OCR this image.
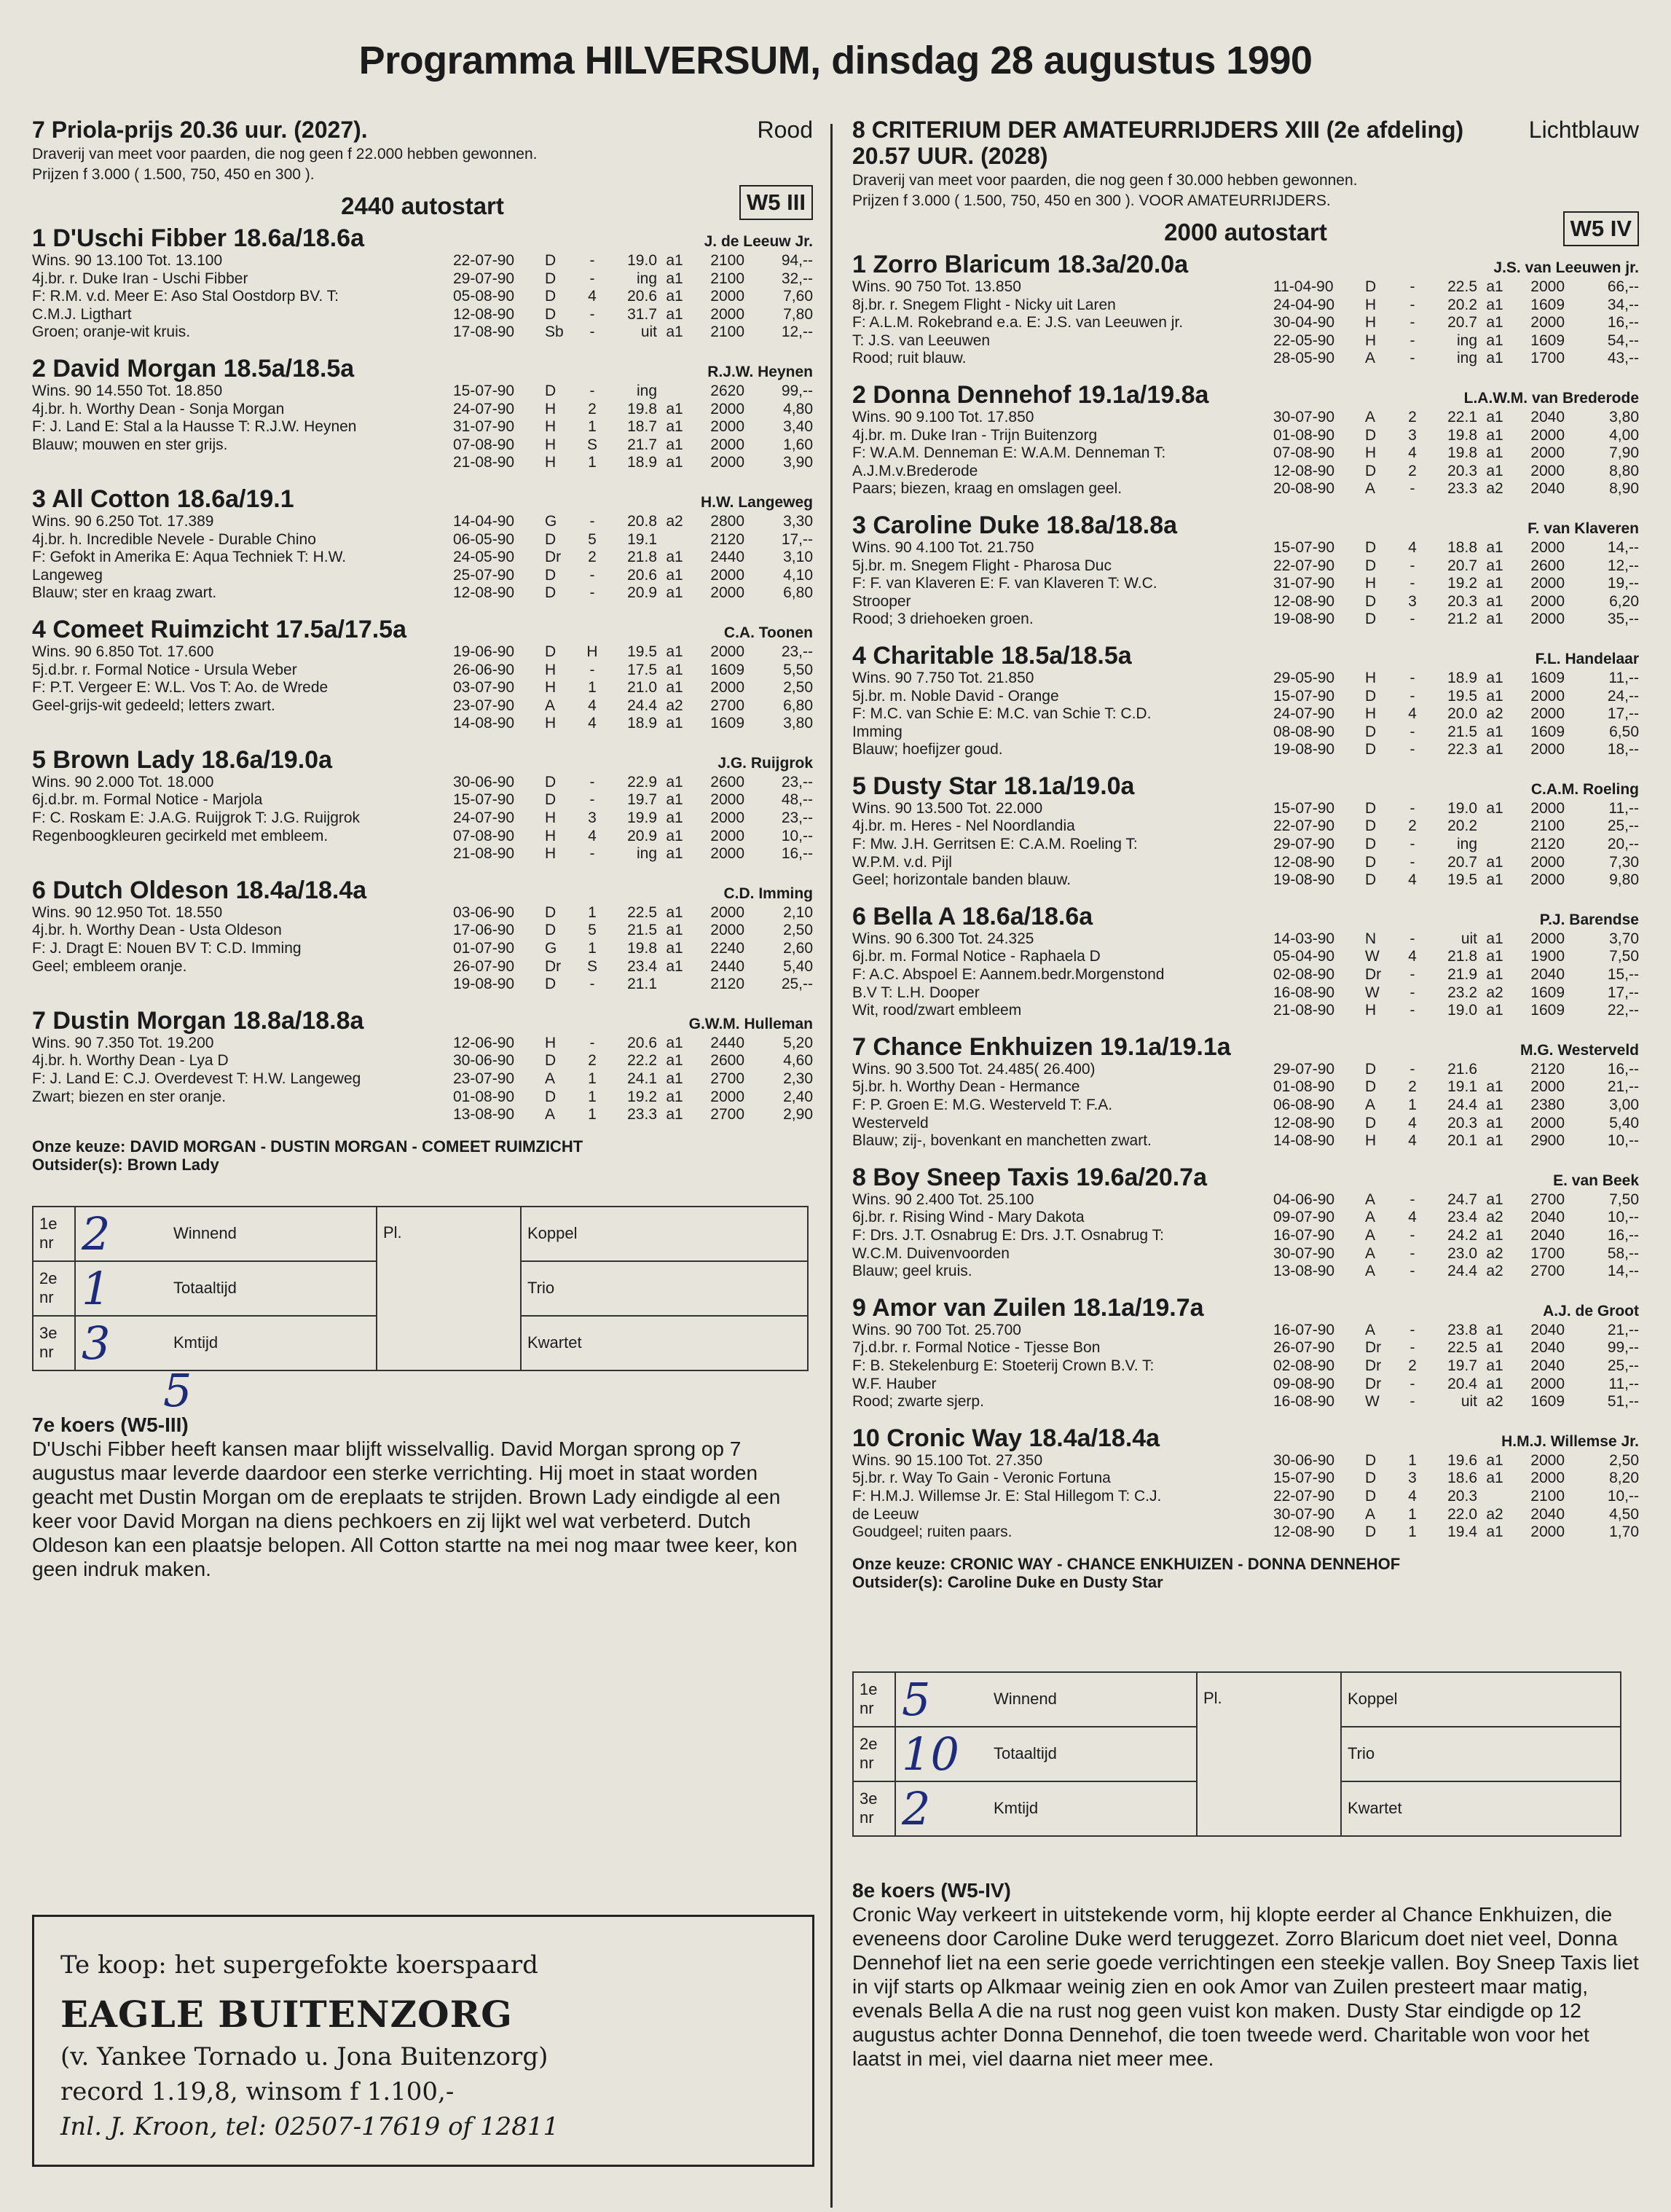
Programma HILVERSUM, dinsdag 28 augustus 1990
7 Priola-prijs 20.36 uur. (2027).	Rood
Draverij van meet voor paarden, die nog geen f 22.000 hebben gewonnen.
Prijzen f 3.000 ( 1.500, 750, 450 en 300 ).
2440 autostart	W5 III
1 D'Uschi Fibber 18.6a/18.6a	J. de Leeuw Jr.
Wins. 90 13.100 Tot. 13.100
4j.br. r. Duke Iran - Uschi Fibber
F: R.M. v.d. Meer E: Aso Stal Oostdorp BV. T:
C.M.J. Ligthart
Groen; oranje-wit kruis.
22-07-90	D	-	19.0 a1	2100	94,--
29-07-90	D	-	ing a1	2100	32,--
05-08-90	D	4	20.6 a1	2000	7,60
12-08-90	D	-	31.7 a1	2000	7,80
17-08-90	Sb	-	uit a1	2100	12,--
2 David Morgan 18.5a/18.5a	R.J.W. Heynen
Wins. 90 14.550 Tot. 18.850
4j.br. h. Worthy Dean - Sonja Morgan
F: J. Land E: Stal a la Hausse T: R.J.W. Heynen
Blauw; mouwen en ster grijs.
15-07-90	D	-	ing	2620	99,--
24-07-90	H	2	19.8 a1	2000	4,80
31-07-90	H	1	18.7 a1	2000	3,40
07-08-90	H	S	21.7 a1	2000	1,60
21-08-90	H	1	18.9 a1	2000	3,90
3 All Cotton 18.6a/19.1	H.W. Langeweg
Wins. 90 6.250 Tot. 17.389
4j.br. h. Incredible Nevele - Durable Chino
F: Gefokt in Amerika E: Aqua Techniek T: H.W.
Langeweg
Blauw; ster en kraag zwart.
14-04-90	G	-	20.8 a2	2800	3,30
06-05-90	D	5	19.1	2120	17,--
24-05-90	Dr	2	21.8 a1	2440	3,10
25-07-90	D	-	20.6 a1	2000	4,10
12-08-90	D	-	20.9 a1	2000	6,80
4 Comeet Ruimzicht 17.5a/17.5a	C.A. Toonen
Wins. 90 6.850 Tot. 17.600
5j.d.br. r. Formal Notice - Ursula Weber
F: P.T. Vergeer E: W.L. Vos T: Ao. de Wrede
Geel-grijs-wit gedeeld; letters zwart.
19-06-90	D	H	19.5 a1	2000	23,--
26-06-90	H	-	17.5 a1	1609	5,50
03-07-90	H	1	21.0 a1	2000	2,50
23-07-90	A	4	24.4 a2	2700	6,80
14-08-90	H	4	18.9 a1	1609	3,80
5 Brown Lady 18.6a/19.0a	J.G. Ruijgrok
Wins. 90 2.000 Tot. 18.000
6j.d.br. m. Formal Notice - Marjola
F: C. Roskam E: J.A.G. Ruijgrok T: J.G. Ruijgrok
Regenboogkleuren gecirkeld met embleem.
30-06-90	D	-	22.9 a1	2600	23,--
15-07-90	D	-	19.7 a1	2000	48,--
24-07-90	H	3	19.9 a1	2000	23,--
07-08-90	H	4	20.9 a1	2000	10,--
21-08-90	H	-	ing a1	2000	16,--
6 Dutch Oldeson 18.4a/18.4a	C.D. Imming
Wins. 90 12.950 Tot. 18.550
4j.br. h. Worthy Dean - Usta Oldeson
F: J. Dragt E: Nouen BV T: C.D. Imming
Geel; embleem oranje.
03-06-90	D	1	22.5 a1	2000	2,10
17-06-90	D	5	21.5 a1	2000	2,50
01-07-90	G	1	19.8 a1	2240	2,60
26-07-90	Dr	S	23.4 a1	2440	5,40
19-08-90	D	-	21.1	2120	25,--
7 Dustin Morgan 18.8a/18.8a	G.W.M. Hulleman
Wins. 90 7.350 Tot. 19.200
4j.br. h. Worthy Dean - Lya D
F: J. Land E: C.J. Overdevest T: H.W. Langeweg
Zwart; biezen en ster oranje.
12-06-90	H	-	20.6 a1	2440	5,20
30-06-90	D	2	22.2 a1	2600	4,60
23-07-90	A	1	24.1 a1	2700	2,30
01-08-90	D	1	19.2 a1	2000	2,40
13-08-90	A	1	23.3 a1	2700	2,90
Onze keuze: DAVID MORGAN - DUSTIN MORGAN - COMEET RUIMZICHT
Outsider(s): Brown Lady
1e nr	2	Winnend	Pl.	Koppel
2e nr	1	Totaaltijd		Trio
3e nr	3	Kmtijd		Kwartet
5
7e koers (W5-III)
D'Uschi Fibber heeft kansen maar blijft wisselvallig. David Morgan sprong op 7 augustus maar leverde daardoor een sterke verrichting. Hij moet in staat worden geacht met Dustin Morgan om de ereplaats te strijden. Brown Lady eindigde al een keer voor David Morgan na diens pechkoers en zij lijkt wel wat verbeterd. Dutch Oldeson kan een plaatsje belopen. All Cotton startte na mei nog maar twee keer, kon geen indruk maken.
8 CRITERIUM DER AMATEURRIJDERS XIII (2e afdeling) 20.57 UUR. (2028)
Lichtblauw
Draverij van meet voor paarden, die nog geen f 30.000 hebben gewonnen.
Prijzen f 3.000 ( 1.500, 750, 450 en 300 ). VOOR AMATEURRIJDERS.
2000 autostart	W5 IV
1 Zorro Blaricum 18.3a/20.0a	J.S. van Leeuwen jr.
Wins. 90 750 Tot. 13.850
8j.br. r. Snegem Flight - Nicky uit Laren
F: A.L.M. Rokebrand e.a. E: J.S. van Leeuwen jr.
T: J.S. van Leeuwen
Rood; ruit blauw.
11-04-90	D	-	22.5 a1	2000	66,--
24-04-90	H	-	20.2 a1	1609	34,--
30-04-90	H	-	20.7 a1	2000	16,--
22-05-90	H	-	ing a1	1609	54,--
28-05-90	A	-	ing a1	1700	43,--
2 Donna Dennehof 19.1a/19.8a	L.A.W.M. van Brederode
Wins. 90 9.100 Tot. 17.850
4j.br. m. Duke Iran - Trijn Buitenzorg
F: W.A.M. Denneman E: W.A.M. Denneman T:
A.J.M.v.Brederode
Paars; biezen, kraag en omslagen geel.
30-07-90	A	2	22.1 a1	2040	3,80
01-08-90	D	3	19.8 a1	2000	4,00
07-08-90	H	4	19.8 a1	2000	7,90
12-08-90	D	2	20.3 a1	2000	8,80
20-08-90	A	-	23.3 a2	2040	8,90
3 Caroline Duke 18.8a/18.8a	F. van Klaveren
Wins. 90 4.100 Tot. 21.750
5j.br. m. Snegem Flight - Pharosa Duc
F: F. van Klaveren E: F. van Klaveren T: W.C.
Strooper
Rood; 3 driehoeken groen.
15-07-90	D	4	18.8 a1	2000	14,--
22-07-90	D	-	20.7 a1	2600	12,--
31-07-90	H	-	19.2 a1	2000	19,--
12-08-90	D	3	20.3 a1	2000	6,20
19-08-90	D	-	21.2 a1	2000	35,--
4 Charitable 18.5a/18.5a	F.L. Handelaar
Wins. 90 7.750 Tot. 21.850
5j.br. m. Noble David - Orange
F: M.C. van Schie E: M.C. van Schie T: C.D.
Imming
Blauw; hoefijzer goud.
29-05-90	H	-	18.9 a1	1609	11,--
15-07-90	D	-	19.5 a1	2000	24,--
24-07-90	H	4	20.0 a2	2000	17,--
08-08-90	D	-	21.5 a1	1609	6,50
19-08-90	D	-	22.3 a1	2000	18,--
5 Dusty Star 18.1a/19.0a	C.A.M. Roeling
Wins. 90 13.500 Tot. 22.000
4j.br. m. Heres - Nel Noordlandia
F: Mw. J.H. Gerritsen E: C.A.M. Roeling T:
W.P.M. v.d. Pijl
Geel; horizontale banden blauw.
15-07-90	D	-	19.0 a1	2000	11,--
22-07-90	D	2	20.2	2100	25,--
29-07-90	D	-	ing	2120	20,--
12-08-90	D	-	20.7 a1	2000	7,30
19-08-90	D	4	19.5 a1	2000	9,80
6 Bella A 18.6a/18.6a	P.J. Barendse
Wins. 90 6.300 Tot. 24.325
6j.br. m. Formal Notice - Raphaela D
F: A.C. Abspoel E: Aannem.bedr.Morgenstond
B.V T: L.H. Dooper
Wit, rood/zwart embleem
14-03-90	N	-	uit a1	2000	3,70
05-04-90	W	4	21.8 a1	1900	7,50
02-08-90	Dr	-	21.9 a1	2040	15,--
16-08-90	W	-	23.2 a2	1609	17,--
21-08-90	H	-	19.0 a1	1609	22,--
7 Chance Enkhuizen 19.1a/19.1a	M.G. Westerveld
Wins. 90 3.500 Tot. 24.485( 26.400)
5j.br. h. Worthy Dean - Hermance
F: P. Groen E: M.G. Westerveld T: F.A.
Westerveld
Blauw; zij-, bovenkant en manchetten zwart.
29-07-90	D	-	21.6	2120	16,--
01-08-90	D	2	19.1 a1	2000	21,--
06-08-90	A	1	24.4 a1	2380	3,00
12-08-90	D	4	20.3 a1	2000	5,40
14-08-90	H	4	20.1 a1	2900	10,--
8 Boy Sneep Taxis 19.6a/20.7a	E. van Beek
Wins. 90 2.400 Tot. 25.100
6j.br. r. Rising Wind - Mary Dakota
F: Drs. J.T. Osnabrug E: Drs. J.T. Osnabrug T:
W.C.M. Duivenvoorden
Blauw; geel kruis.
04-06-90	A	-	24.7 a1	2700	7,50
09-07-90	A	4	23.4 a2	2040	10,--
16-07-90	A	-	24.2 a1	2040	16,--
30-07-90	A	-	23.0 a2	1700	58,--
13-08-90	A	-	24.4 a2	2700	14,--
9 Amor van Zuilen 18.1a/19.7a	A.J. de Groot
Wins. 90 700 Tot. 25.700
7j.d.br. r. Formal Notice - Tjesse Bon
F: B. Stekelenburg E: Stoeterij Crown B.V. T:
W.F. Hauber
Rood; zwarte sjerp.
16-07-90	A	-	23.8 a1	2040	21,--
26-07-90	Dr	-	22.5 a1	2040	99,--
02-08-90	Dr	2	19.7 a1	2040	25,--
09-08-90	Dr	-	20.4 a1	2000	11,--
16-08-90	W	-	uit a2	1609	51,--
10 Cronic Way 18.4a/18.4a	H.M.J. Willemse Jr.
Wins. 90 15.100 Tot. 27.350
5j.br. r. Way To Gain - Veronic Fortuna
F: H.M.J. Willemse Jr. E: Stal Hillegom T: C.J.
de Leeuw
Goudgeel; ruiten paars.
30-06-90	D	1	19.6 a1	2000	2,50
15-07-90	D	3	18.6 a1	2000	8,20
22-07-90	D	4	20.3	2100	10,--
30-07-90	A	1	22.0 a2	2040	4,50
12-08-90	D	1	19.4 a1	2000	1,70
Onze keuze: CRONIC WAY - CHANCE ENKHUIZEN - DONNA DENNEHOF
Outsider(s): Caroline Duke en Dusty Star
1e nr	5	Winnend	Pl.	Koppel
2e nr	10	Totaaltijd		Trio
3e nr	2	Kmtijd		Kwartet
8e koers (W5-IV)
Cronic Way verkeert in uitstekende vorm, hij klopte eerder al Chance Enkhuizen, die eveneens door Caroline Duke werd teruggezet. Zorro Blaricum doet niet veel, Donna Dennehof liet na een serie goede verrichtingen een steekje vallen. Boy Sneep Taxis liet in vijf starts op Alkmaar weinig zien en ook Amor van Zuilen presteert maar matig, evenals Bella A die na rust nog geen vuist kon maken. Dusty Star eindigde op 12 augustus achter Donna Dennehof, die toen tweede werd. Charitable won voor het laatst in mei, viel daarna niet meer mee.
Te koop: het supergefokte koerspaard
EAGLE BUITENZORG
(v. Yankee Tornado u. Jona Buitenzorg)
record 1.19,8, winsom f 1.100,-
Inl. J. Kroon, tel: 02507-17619 of 12811
